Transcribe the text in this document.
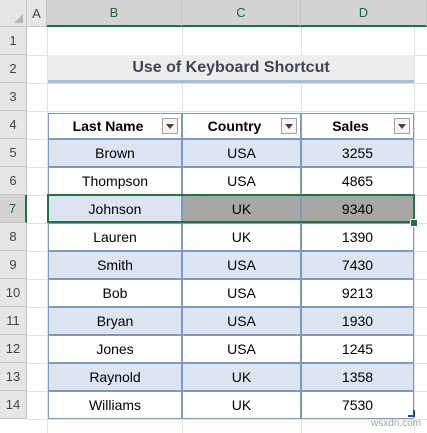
A	B	C	D
1
2
3
4
5
6
7
8
9
10
11
12
13
14
Use of Keyboard Shortcut
Last Name	Country	Sales
Brown	USA	3255
Thompson	USA	4865
Johnson	UK	9340
Lauren	UK	1390
Smith	USA	7430
Bob	USA	9213
Bryan	USA	1930
Jones	USA	1245
Raynold	UK	1358
Williams	UK	7530
wsxdn.com
